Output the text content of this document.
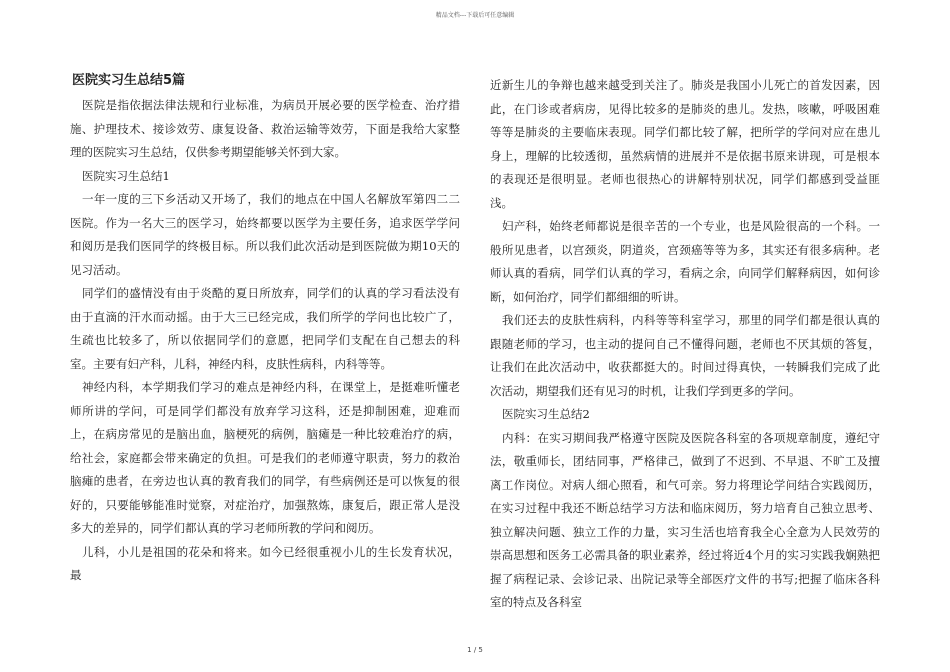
精品文档---下载后可任意编辑
医院实习生总结5篇

医院是指依据法律法规和行业标准，为病员开展必要的医学检查、治疗措施、护理技术、接诊效劳、康复设备、救治运输等效劳，下面是我给大家整理的医院实习生总结，仅供参考期望能够关怀到大家。

医院实习生总结1

一年一度的三下乡活动又开场了，我们的地点在中国人名解放军第四二二医院。作为一名大三的医学习，始终都要以医学为主要任务，追求医学学问和阅历是我们医同学的终极目标。所以我们此次活动是到医院做为期10天的见习活动。

同学们的盛情没有由于炎酷的夏日所放弃，同学们的认真的学习看法没有由于直滴的汗水而动摇。由于大三已经完成，我们所学的学问也比较广了，生疏也比较多了，所以依据同学们的意愿，把同学们支配在自己想去的科室。主要有妇产科，儿科，神经内科，皮肤性病科，内科等等。

神经内科，本学期我们学习的难点是神经内科，在课堂上，是挺难听懂老师所讲的学问，可是同学们都没有放弃学习这科，还是抑制困难，迎难而上，在病房常见的是脑出血，脑梗死的病例，脑瘫是一种比较难治疗的病，给社会，家庭都会带来确定的负担。可是我们的老师遵守职责，努力的救治脑瘫的患者，在旁边也认真的教育我们的同学，有些病例还是可以恢复的很好的，只要能够能准时觉察，对症治疗，加强熬炼，康复后，跟正常人是没多大的差异的，同学们都认真的学习老师所教的学问和阅历。

儿科，小儿是祖国的花朵和将来。如今已经很重视小儿的生长发育状况，最

近新生儿的争辩也越来越受到关注了。肺炎是我国小儿死亡的首发因素，因此，在门诊或者病房，见得比较多的是肺炎的患儿。发热，咳嗽，呼吸困难等等是肺炎的主要临床表现。同学们都比较了解，把所学的学问对应在患儿身上，理解的比较透彻，虽然病情的进展并不是依据书原来讲现，可是根本的表现还是很明显。老师也很热心的讲解特别状况，同学们都感到受益匪浅。

妇产科，始终老师都说是很辛苦的一个专业，也是风险很高的一个科。一般所见患者，以宫颈炎，阴道炎，宫颈癌等等为多，其实还有很多病种。老师认真的看病，同学们认真的学习，看病之余，向同学们解释病因，如何诊断，如何治疗，同学们都细细的听讲。

我们还去的皮肤性病科，内科等等科室学习，那里的同学们都是很认真的跟随老师的学习，也主动的提问自己不懂得问题，老师也不厌其烦的答复，让我们在此次活动中，收获都挺大的。时间过得真快，一转瞬我们完成了此次活动，期望我们还有见习的时机，让我们学到更多的学问。

医院实习生总结2

内科：在实习期间我严格遵守医院及医院各科室的各项规章制度，遵纪守法，敬重师长，团结同事，严格律己，做到了不迟到、不早退、不旷工及擅离工作岗位。对病人细心照看，和气可亲。努力将理论学问结合实践阅历，在实习过程中我还不断总结学习方法和临床阅历，努力培育自己独立思考、独立解决问题、独立工作的力量，实习生活也培育我全心全意为人民效劳的崇高思想和医务工必需具备的职业素养，经过将近4个月的实习实践我娴熟把握了病程记录、会诊记录、出院记录等全部医疗文件的书写;把握了临床各科室的特点及各科室

1 / 5
